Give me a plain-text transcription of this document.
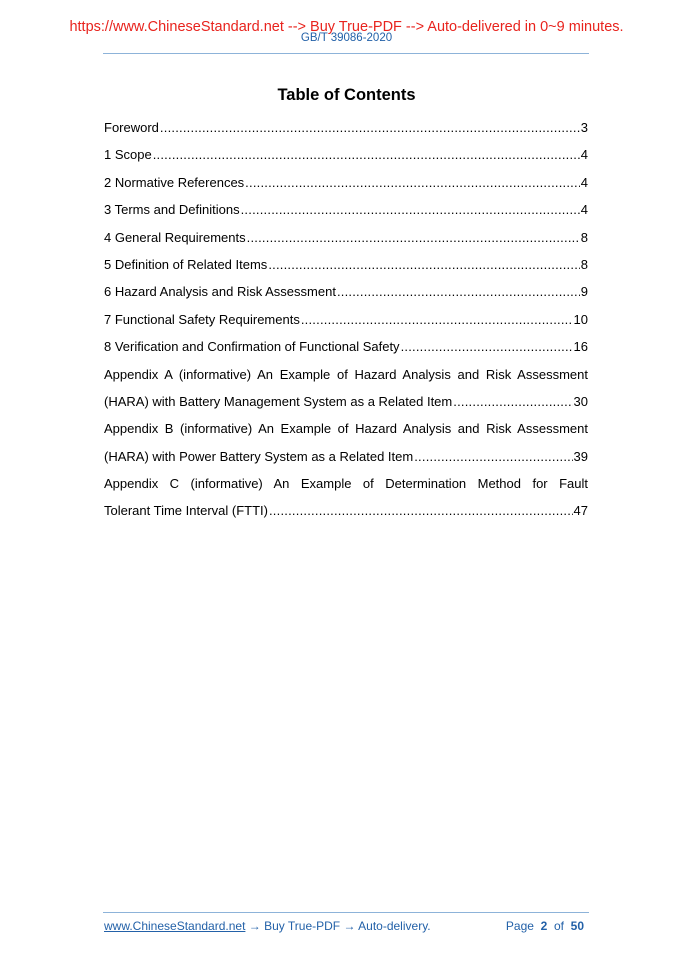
https://www.ChineseStandard.net --> Buy True-PDF --> Auto-delivered in 0~9 minutes.
GB/T 39086-2020
Table of Contents
Foreword . . .	3
1 Scope . . .	4
2 Normative References . . .	4
3 Terms and Definitions . . .	4
4 General Requirements . . .	8
5 Definition of Related Items . . .	8
6 Hazard Analysis and Risk Assessment . . .	9
7 Functional Safety Requirements . . .	10
8 Verification and Confirmation of Functional Safety . . .	16
Appendix A (informative) An Example of Hazard Analysis and Risk Assessment
(HARA) with Battery Management System as a Related Item . . .	30
Appendix B (informative) An Example of Hazard Analysis and Risk Assessment
(HARA) with Power Battery System as a Related Item . . .	39
Appendix C (informative) An Example of Determination Method for Fault
Tolerant Time Interval (FTTI) . . .	47
www.ChineseStandard.net → Buy True-PDF → Auto-delivery.	Page 2 of 50
